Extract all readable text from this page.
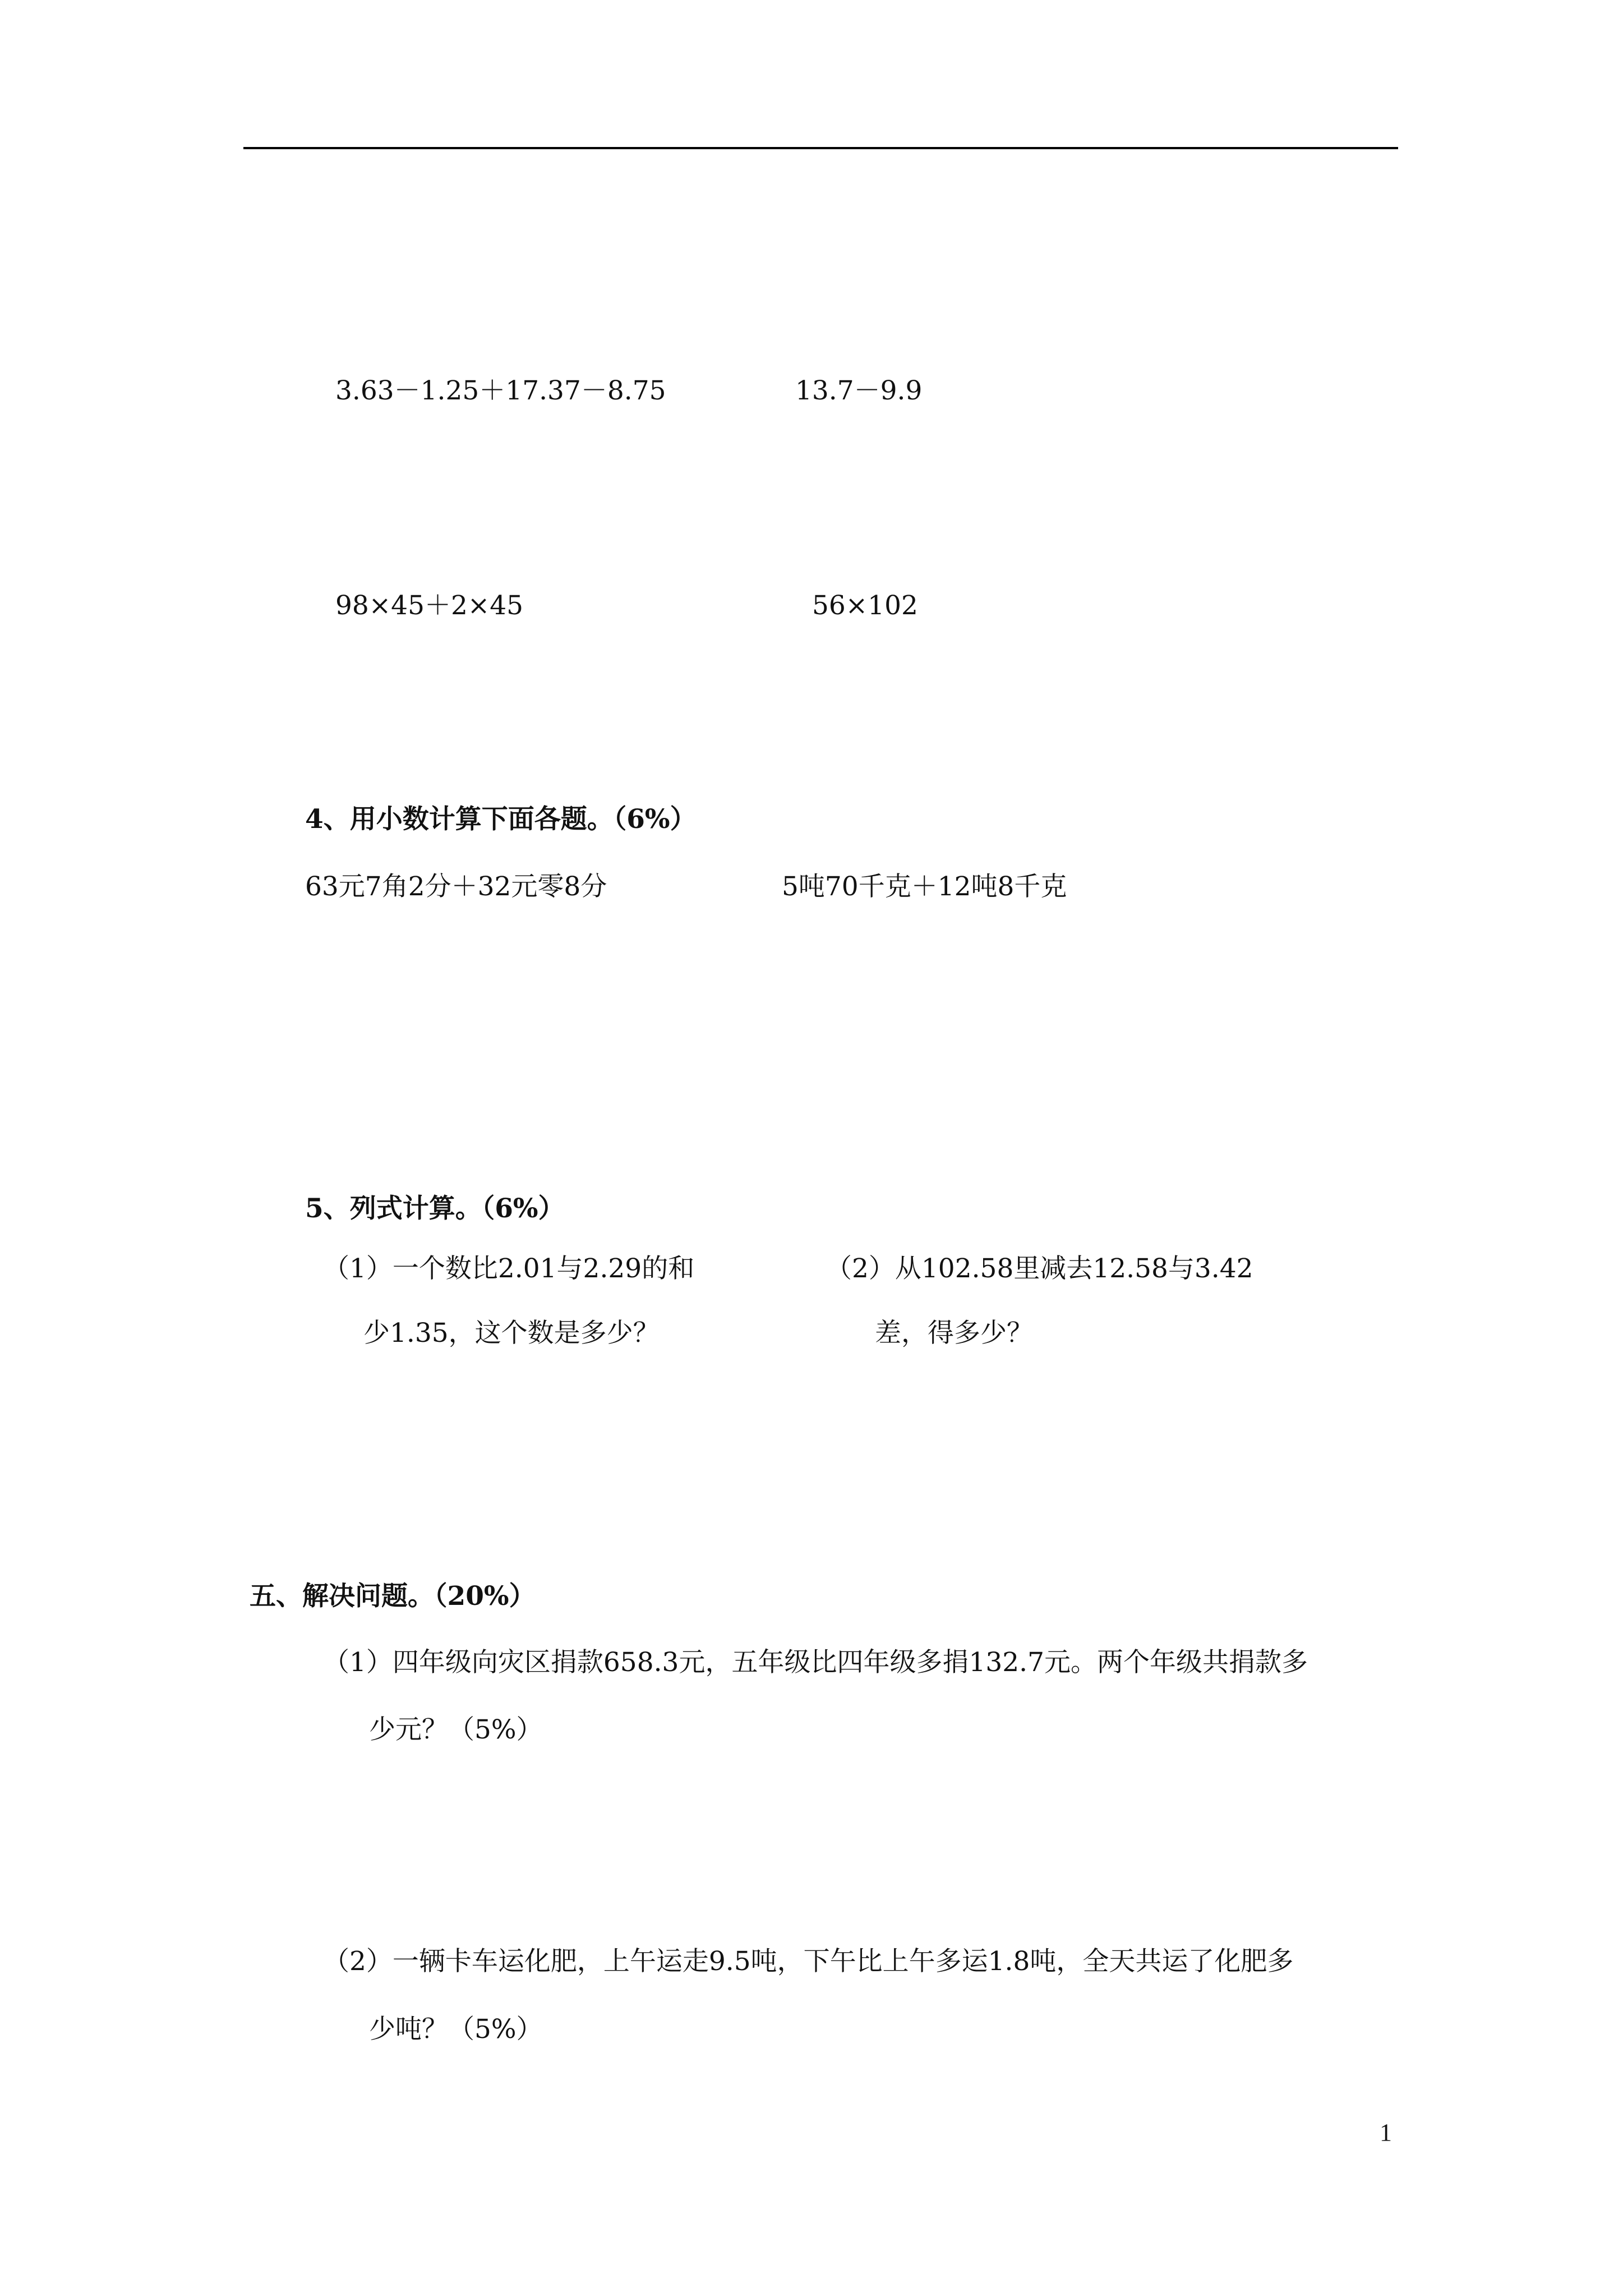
3.63－1.25＋17.37－8.75	13.7－9.9
98×45＋2×45	56×102
4、用小数计算下面各题。（6%）
63元7角2分＋32元零8分	5吨70千克＋12吨8千克
5、列式计算。（6%）
（1）一个数比2.01与2.29的和
少1.35，这个数是多少？
（2）从102.58里减去12.58与3.42
差，得多少？
五、解决问题。（20%）
（1）四年级向灾区捐款658.3元，五年级比四年级多捐132.7元。两个年级共捐款多
少元？（5%）
（2）一辆卡车运化肥，上午运走9.5吨，下午比上午多运1.8吨，全天共运了化肥多
少吨？（5%）
1
